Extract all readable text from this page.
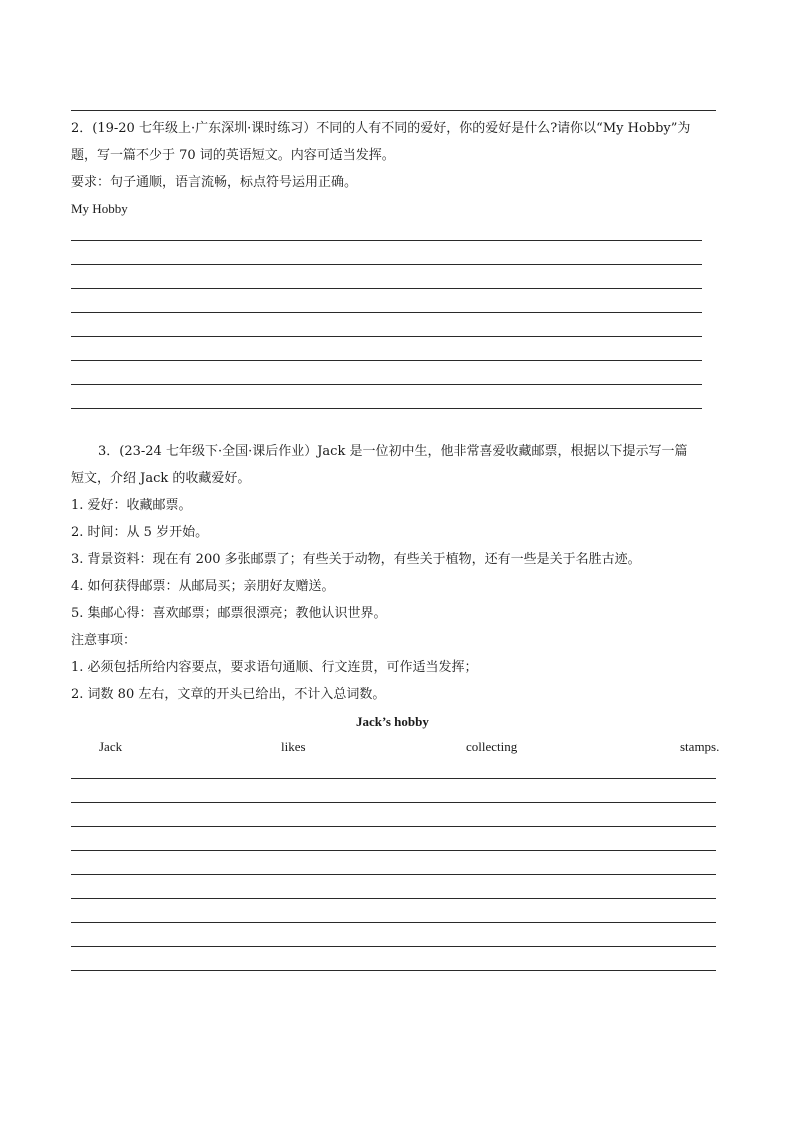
2．(19-20 七年级上·广东深圳·课时练习）不同的人有不同的爱好，你的爱好是什么?请你以“My Hobby”为
题，写一篇不少于 70 词的英语短文。内容可适当发挥。
要求：句子通顺，语言流畅，标点符号运用正确。
My Hobby
3．(23-24 七年级下·全国·课后作业）Jack 是一位初中生，他非常喜爱收藏邮票，根据以下提示写一篇
短文，介绍 Jack 的收藏爱好。
1. 爱好：收藏邮票。
2. 时间：从 5 岁开始。
3. 背景资料：现在有 200 多张邮票了；有些关于动物，有些关于植物，还有一些是关于名胜古迹。
4. 如何获得邮票：从邮局买；亲朋好友赠送。
5. 集邮心得：喜欢邮票；邮票很漂亮；教他认识世界。
注意事项：
1. 必须包括所给内容要点，要求语句通顺、行文连贯，可作适当发挥；
2. 词数 80 左右，文章的开头已给出，不计入总词数。
Jack’s hobby
Jack	likes	collecting	stamps.
